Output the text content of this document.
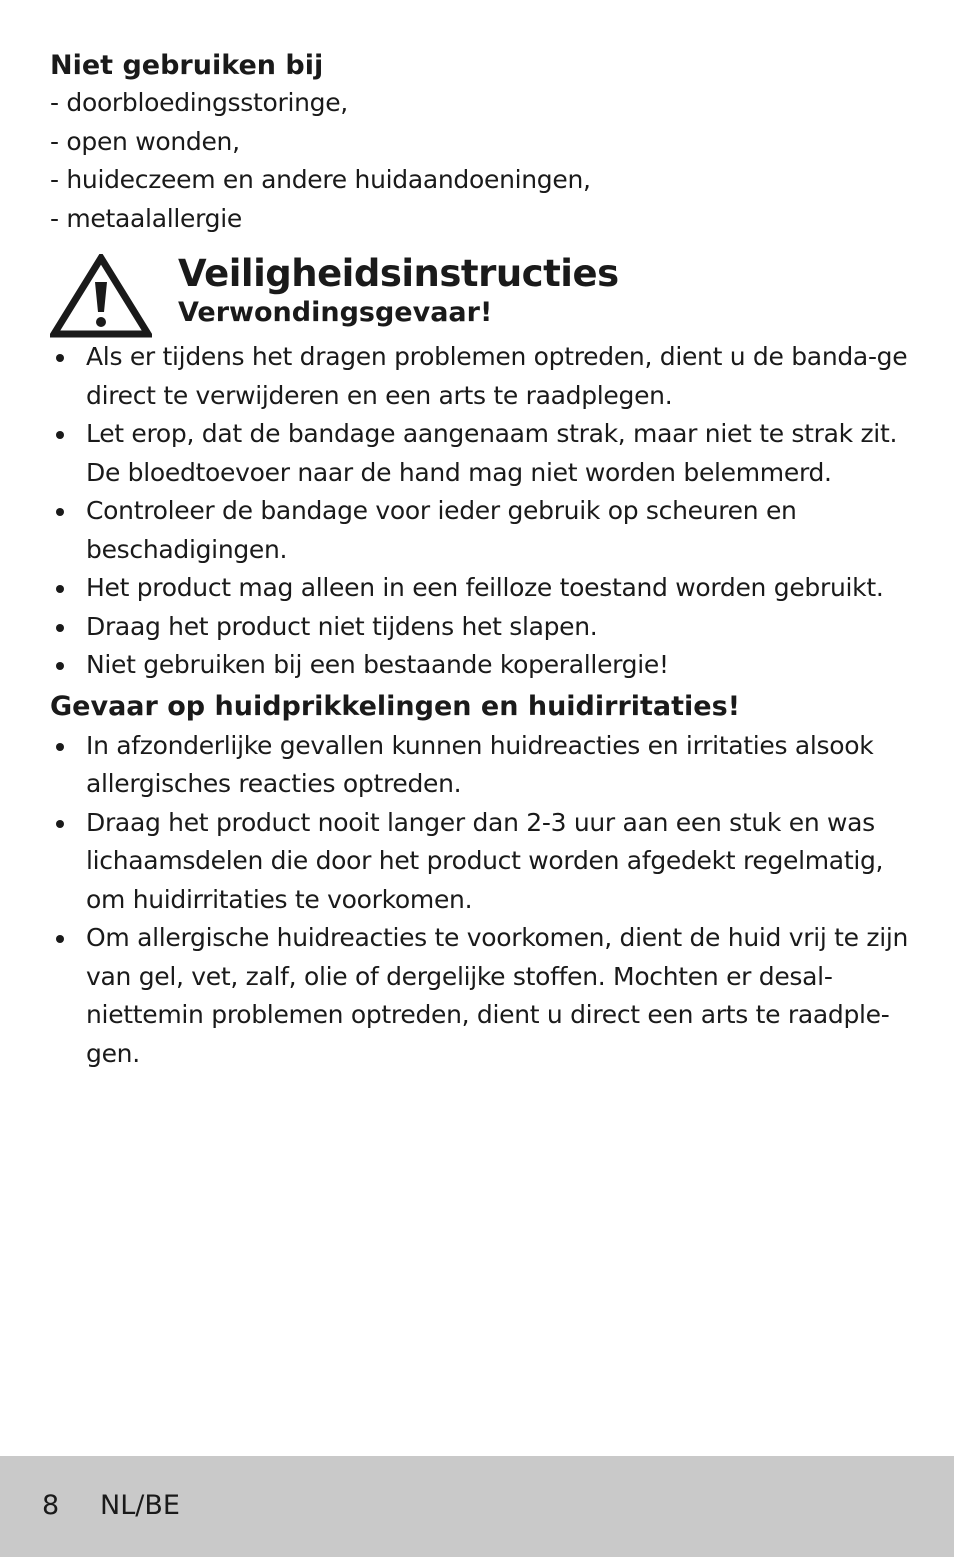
Niet gebruiken bij
- doorbloedingsstoringe,
- open wonden,
- huideczeem en andere huidaandoeningen,
- metaalallergie
Veiligheidsinstructies
Verwondingsgevaar!
Als er tijdens het dragen problemen optreden, dient u de banda-ge direct te verwijderen en een arts te raadplegen.
Let erop, dat de bandage aangenaam strak, maar niet te strak zit. De bloedtoevoer naar de hand mag niet worden belemmerd.
Controleer de bandage voor ieder gebruik op scheuren en beschadigingen.
Het product mag alleen in een feilloze toestand worden gebruikt.
Draag het product niet tijdens het slapen.
Niet gebruiken bij een bestaande koperallergie!
Gevaar op huidprikkelingen en huidirritaties!
In afzonderlijke gevallen kunnen huidreacties en irritaties alsook allergisches reacties optreden.
Draag het product nooit langer dan 2-3 uur aan een stuk en was lichaamsdelen die door het product worden afgedekt regelmatig, om huidirritaties te voorkomen.
Om allergische huidreacties te voorkomen, dient de huid vrij te zijn van gel, vet, zalf, olie of dergelijke stoffen. Mochten er desal-niettemin problemen optreden, dient u direct een arts te raadple-gen.
8 NL/BE
